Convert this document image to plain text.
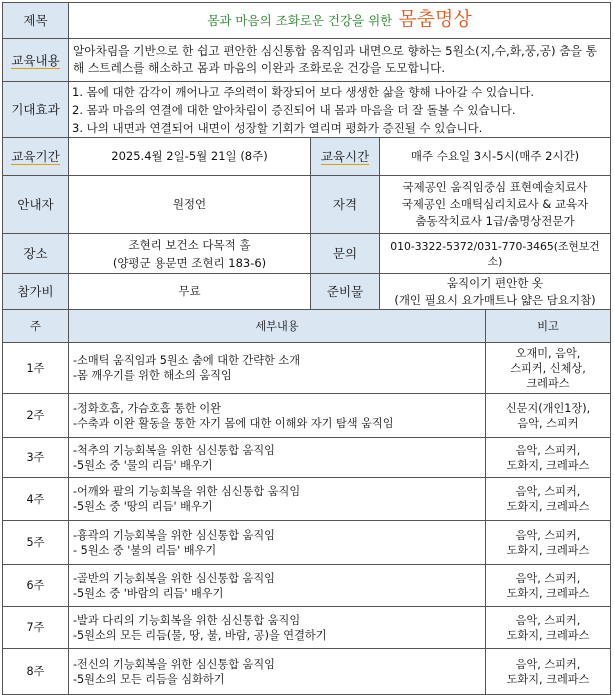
제목	몸과 마음의 조화로운 건강을 위한 몸춤명상		
교육내용	알아차림을 기반으로 한 쉽고 편안한 심신통합 움직임과 내면으로 향하는 5원소(지,수,화,풍,공) 춤을 통해 스트레스를 해소하고 몸과 마음의 이완과 조화로운 건강을 도모합니다.		
기대효과	1. 몸에 대한 감각이 깨어나고 주의력이 확장되어 보다 생생한 삶을 향해 나아갈 수 있습니다.
2. 몸과 마음의 연결에 대한 알아차림이 증진되어 내 몸과 마음을 더 잘 돌볼 수 있습니다.
3. 나의 내면과 연결되어 내면이 성장할 기회가 열리며 평화가 증진될 수 있습니다.		

교육기간	2025.4월 2일-5월 21일 (8주)	교육시간	매주 수요일 3시-5시(매주 2시간)
안내자	원정언	자격	국제공인 움직임중심 표현예술치료사
국제공인 소매틱심리치료사 & 교육자
춤동작치료사 1급/춤명상전문가

장소	조현리 보건소 다목적 홀
(양평군 용문면 조현리 183-6)	문의	010-3322-5372/031-770-3465(조현보건소)
참가비	무료	준비물	움직이기 편안한 옷
(개인 필요시 요가매트나 얇은 담요지참)
주	세부내용	비고
1주	-소매틱 움직임과 5원소 춤에 대한 간략한 소개
-몸 깨우기를 위한 해소의 움직임	오재미, 음악,
스피커, 신체상,
크레파스

2주	-정화호흡, 가슴호흡 통한 이완
-수축과 이완 활동을 통한 자기 몸에 대한 이해와 자기 탐색 움직임	신문지(개인1장),
음악, 스피커

3주	-척추의 기능회복을 위한 심신통합 움직임
-5원소 중 '물의 리듬' 배우기	음악, 스피커,
도화지, 크레파스

4주	-어깨와 팔의 기능회복을 위한 심신통합 움직임
-5원소 중 '땅의 리듬' 배우기	음악, 스피커,
도화지, 크레파스

5주	-흉곽의 기능회복을 위한 심신통합 움직임
- 5원소 중 '불의 리듬' 배우기	음악, 스피커,
도화지, 크레파스

6주	-골반의 기능회복을 위한 심신통합 움직임
-5원소 중 '바람의 리듬' 배우기	음악, 스피커,
도화지, 크레파스

7주	-발과 다리의 기능회복을 위한 심신통합 움직임
-5원소의 모든 리듬(물, 땅, 불, 바람, 공)을 연결하기	음악, 스피커,
도화지, 크레파스

8주	-전신의 기능회복을 위한 심신통합 움직임
-5원소의 모든 리듬을 심화하기	음악, 스피커,
도화지, 크레파스
